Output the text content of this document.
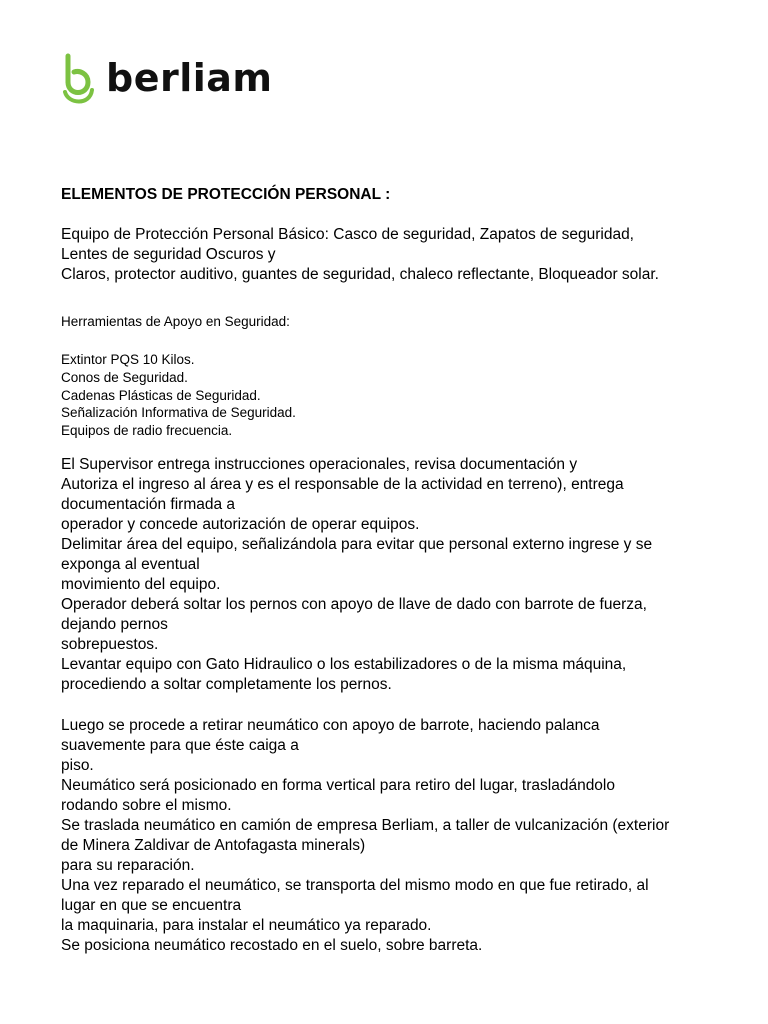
berliam

ELEMENTOS DE PROTECCIÓN PERSONAL :

Equipo de Protección Personal Básico: Casco de seguridad, Zapatos de seguridad,
Lentes de seguridad Oscuros y
Claros, protector auditivo, guantes de seguridad, chaleco reflectante, Bloqueador solar.

Herramientas de Apoyo en Seguridad:

Extintor PQS 10 Kilos.
Conos de Seguridad.
Cadenas Plásticas de Seguridad.
Señalización Informativa de Seguridad.
Equipos de radio frecuencia.

El Supervisor entrega instrucciones operacionales, revisa documentación y
Autoriza el ingreso al área y es el responsable de la actividad en terreno), entrega
documentación firmada a
operador y concede autorización de operar equipos.
Delimitar área del equipo, señalizándola para evitar que personal externo ingrese y se
exponga al eventual
movimiento del equipo.
Operador deberá soltar los pernos con apoyo de llave de dado con barrote de fuerza,
dejando pernos
sobrepuestos.
Levantar equipo con Gato Hidraulico o los estabilizadores o de la misma máquina,
procediendo a soltar completamente los pernos.

Luego se procede a retirar neumático con apoyo de barrote, haciendo palanca
suavemente para que éste caiga a
piso.
Neumático será posicionado en forma vertical para retiro del lugar, trasladándolo
rodando sobre el mismo.
Se traslada neumático en camión de empresa Berliam, a taller de vulcanización (exterior
de Minera Zaldivar de Antofagasta minerals)
para su reparación.
Una vez reparado el neumático, se transporta del mismo modo en que fue retirado, al
lugar en que se encuentra
la maquinaria, para instalar el neumático ya reparado.
Se posiciona neumático recostado en el suelo, sobre barreta.
